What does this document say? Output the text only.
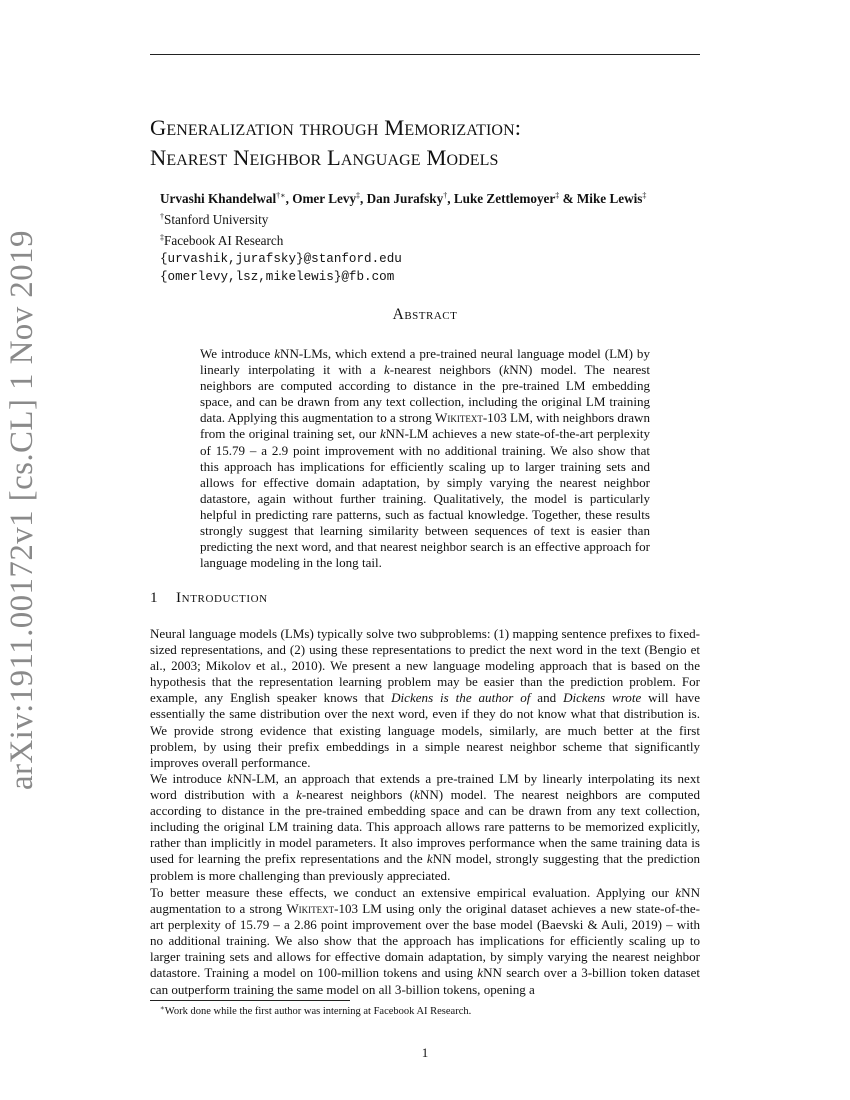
arXiv:1911.00172v1 [cs.CL] 1 Nov 2019
Generalization through Memorization:
Nearest Neighbor Language Models
Urvashi Khandelwal†∗, Omer Levy‡, Dan Jurafsky†, Luke Zettlemoyer‡ & Mike Lewis‡
†Stanford University
‡Facebook AI Research
{urvashik,jurafsky}@stanford.edu
{omerlevy,lsz,mikelewis}@fb.com
Abstract
We introduce kNN-LMs, which extend a pre-trained neural language model (LM) by linearly interpolating it with a k-nearest neighbors (kNN) model. The nearest neighbors are computed according to distance in the pre-trained LM embedding space, and can be drawn from any text collection, including the original LM training data. Applying this augmentation to a strong Wikitext-103 LM, with neighbors drawn from the original training set, our kNN-LM achieves a new state-of-the-art perplexity of 15.79 – a 2.9 point improvement with no additional training. We also show that this approach has implications for efficiently scaling up to larger training sets and allows for effective domain adaptation, by simply varying the nearest neighbor datastore, again without further training. Qualitatively, the model is particularly helpful in predicting rare patterns, such as factual knowledge. Together, these results strongly suggest that learning similarity between sequences of text is easier than predicting the next word, and that nearest neighbor search is an effective approach for language modeling in the long tail.
1 Introduction

Neural language models (LMs) typically solve two subproblems: (1) mapping sentence prefixes to fixed-sized representations, and (2) using these representations to predict the next word in the text (Bengio et al., 2003; Mikolov et al., 2010). We present a new language modeling approach that is based on the hypothesis that the representation learning problem may be easier than the prediction problem. For example, any English speaker knows that Dickens is the author of and Dickens wrote will have essentially the same distribution over the next word, even if they do not know what that distribution is. We provide strong evidence that existing language models, similarly, are much better at the first problem, by using their prefix embeddings in a simple nearest neighbor scheme that significantly improves overall performance.

We introduce kNN-LM, an approach that extends a pre-trained LM by linearly interpolating its next word distribution with a k-nearest neighbors (kNN) model. The nearest neighbors are computed according to distance in the pre-trained embedding space and can be drawn from any text collection, including the original LM training data. This approach allows rare patterns to be memorized explicitly, rather than implicitly in model parameters. It also improves performance when the same training data is used for learning the prefix representations and the kNN model, strongly suggesting that the prediction problem is more challenging than previously appreciated.

To better measure these effects, we conduct an extensive empirical evaluation. Applying our kNN augmentation to a strong Wikitext-103 LM using only the original dataset achieves a new state-of-the-art perplexity of 15.79 – a 2.86 point improvement over the base model (Baevski & Auli, 2019) – with no additional training. We also show that the approach has implications for efficiently scaling up to larger training sets and allows for effective domain adaptation, by simply varying the nearest neighbor datastore. Training a model on 100-million tokens and using kNN search over a 3-billion token dataset can outperform training the same model on all 3-billion tokens, opening a

∗Work done while the first author was interning at Facebook AI Research.
1
